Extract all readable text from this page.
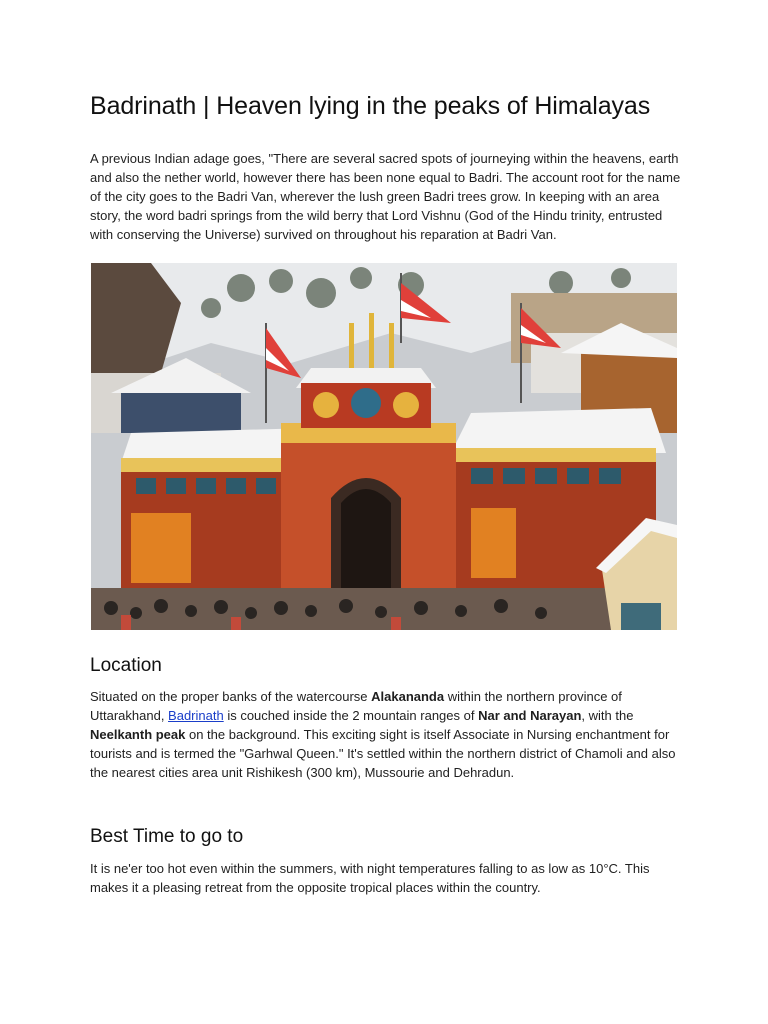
Badrinath | Heaven lying in the peaks of Himalayas

A previous Indian adage goes, "There are several sacred spots of journeying within the heavens, earth and also the nether world, however there has been none equal to Badri. The account root for the name of the city goes to the Badri Van, wherever the lush green Badri trees grow. In keeping with an area story, the word badri springs from the wild berry that Lord Vishnu (God of the Hindu trinity, entrusted with conserving the Universe) survived on throughout his reparation at Badri Van.

Location

Situated on the proper banks of the watercourse Alakananda within the northern province of Uttarakhand, Badrinath is couched inside the 2 mountain ranges of Nar and Narayan, with the Neelkanth peak on the background. This exciting sight is itself Associate in Nursing enchantment for tourists and is termed the "Garhwal Queen." It's settled within the northern district of Chamoli and also the nearest cities area unit Rishikesh (300 km), Mussourie and Dehradun.

Best Time to go to

It is ne'er too hot even within the summers, with night temperatures falling to as low as 10°C. This makes it a pleasing retreat from the opposite tropical places within the country.
